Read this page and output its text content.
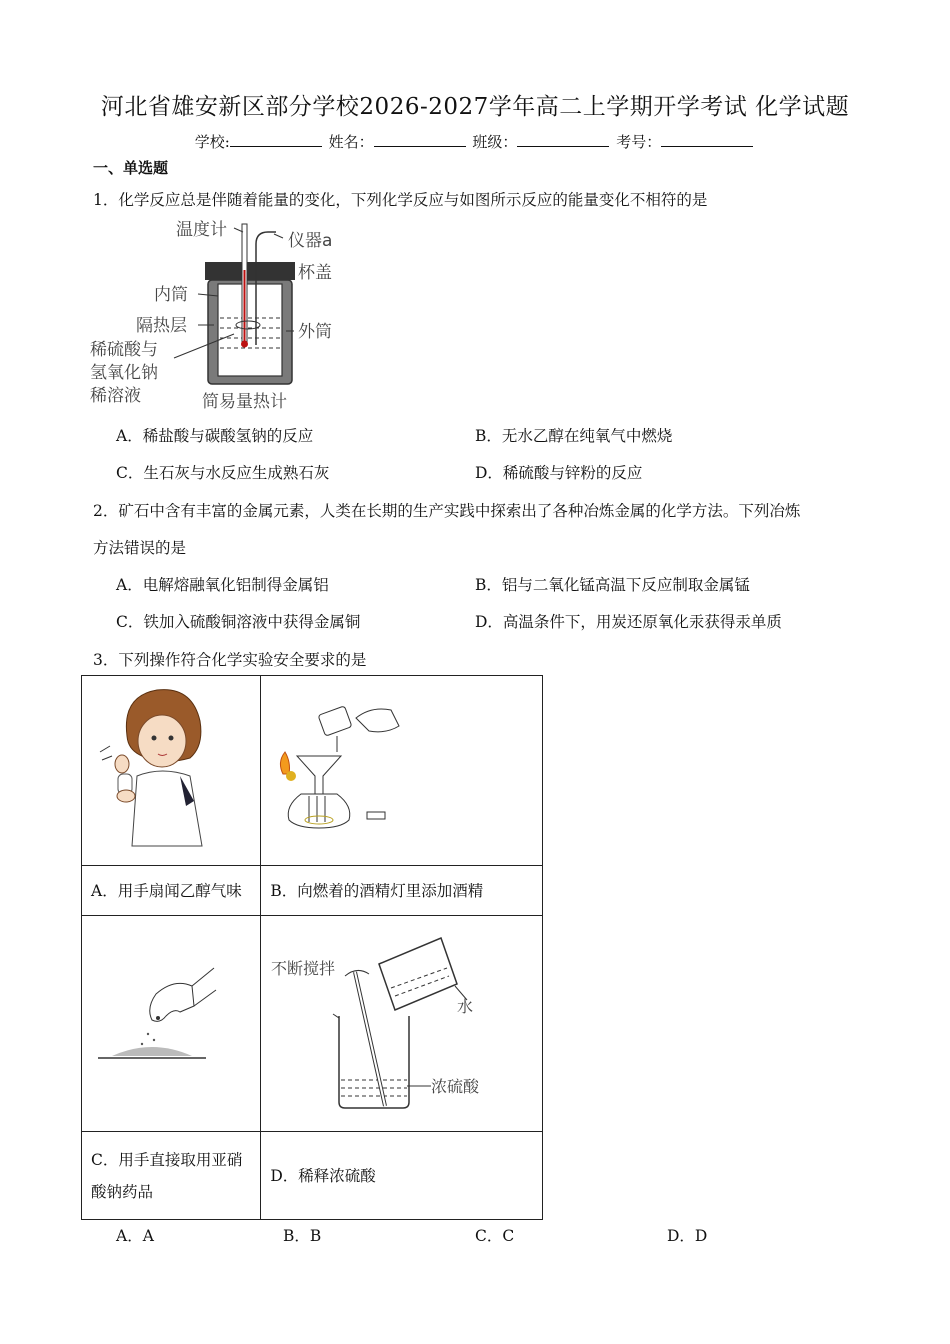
河北省雄安新区部分学校2026-2027学年高二上学期开学考试 化学试题
学校:	姓名：	班级：	考号：
一、单选题
1．化学反应总是伴随着能量的变化，下列化学反应与如图所示反应的能量变化不相符的是
温度计
仪器a
杯盖
内筒
隔热层	外筒
稀硫酸与
氢氧化钠
稀溶液	简易量热计
A．稀盐酸与碳酸氢钠的反应	B．无水乙醇在纯氧气中燃烧
C．生石灰与水反应生成熟石灰	D．稀硫酸与锌粉的反应
2．矿石中含有丰富的金属元素，人类在长期的生产实践中探索出了各种冶炼金属的化学方法。下列冶炼
方法错误的是
A．电解熔融氧化铝制得金属铝	B．铝与二氧化锰高温下反应制取金属锰
C．铁加入硫酸铜溶液中获得金属铜	D．高温条件下，用炭还原氧化汞获得汞单质
3．下列操作符合化学实验安全要求的是

A．用手扇闻乙醇气味	B．向燃着的酒精灯里添加酒精

不断搅拌
水
浓硫酸

C．用手直接取用亚硝
酸钠药品	D．稀释浓硫酸
A．A	B．B	C．C	D．D
